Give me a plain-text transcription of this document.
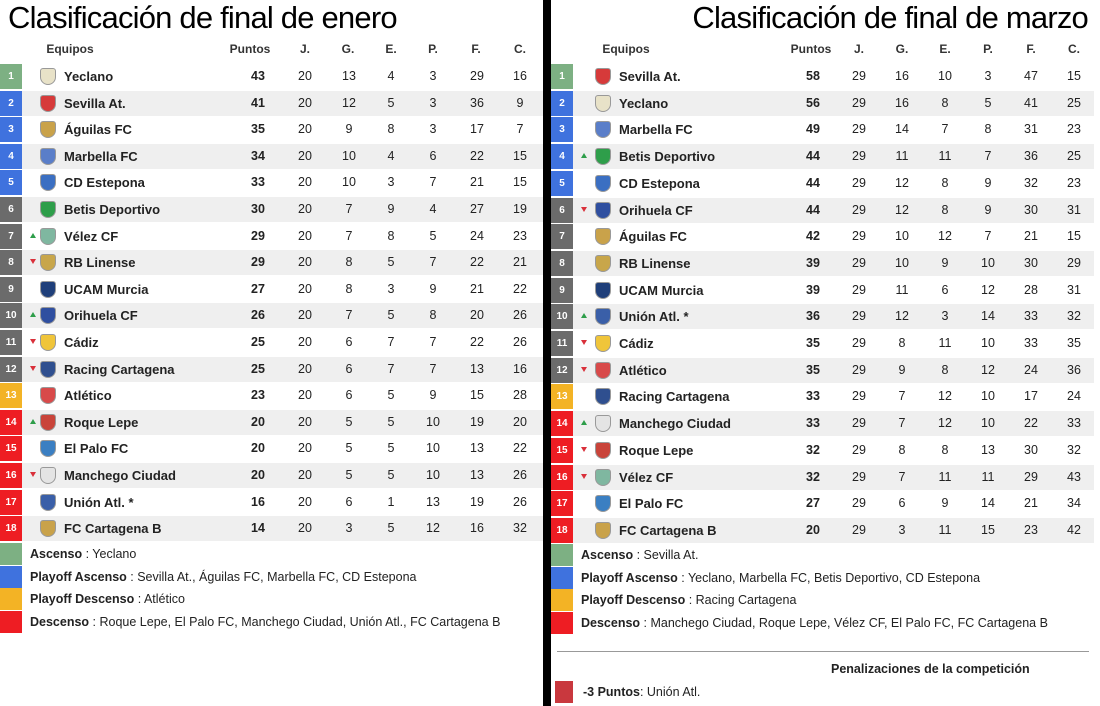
Clasificación de final de enero
Equipos	Puntos	J.	G.	E.	P.	F.	C.
1	Yeclano	43	20	13	4	3	29	16
2	Sevilla At.	41	20	12	5	3	36	9
3	Águilas FC	35	20	9	8	3	17	7
4	Marbella FC	34	20	10	4	6	22	15
5	CD Estepona	33	20	10	3	7	21	15
6	Betis Deportivo	30	20	7	9	4	27	19
7	Vélez CF	29	20	7	8	5	24	23
8	RB Linense	29	20	8	5	7	22	21
9	UCAM Murcia	27	20	8	3	9	21	22
10	Orihuela CF	26	20	7	5	8	20	26
11	Cádiz	25	20	6	7	7	22	26
12	Racing Cartagena	25	20	6	7	7	13	16
13	Atlético	23	20	6	5	9	15	28
14	Roque Lepe	20	20	5	5	10	19	20
15	El Palo FC	20	20	5	5	10	13	22
16	Manchego Ciudad	20	20	5	5	10	13	26
17	Unión Atl. *	16	20	6	1	13	19	26
18	FC Cartagena B	14	20	3	5	12	16	32
Ascenso : Yeclano
Playoff Ascenso : Sevilla At., Águilas FC, Marbella FC, CD Estepona
Playoff Descenso : Atlético
Descenso : Roque Lepe, El Palo FC, Manchego Ciudad, Unión Atl., FC Cartagena B
Clasificación de final de marzo
Equipos	Puntos	J.	G.	E.	P.	F.	C.
1	Sevilla At.	58	29	16	10	3	47	15
2	Yeclano	56	29	16	8	5	41	25
3	Marbella FC	49	29	14	7	8	31	23
4	Betis Deportivo	44	29	11	11	7	36	25
5	CD Estepona	44	29	12	8	9	32	23
6	Orihuela CF	44	29	12	8	9	30	31
7	Águilas FC	42	29	10	12	7	21	15
8	RB Linense	39	29	10	9	10	30	29
9	UCAM Murcia	39	29	11	6	12	28	31
10	Unión Atl. *	36	29	12	3	14	33	32
11	Cádiz	35	29	8	11	10	33	35
12	Atlético	35	29	9	8	12	24	36
13	Racing Cartagena	33	29	7	12	10	17	24
14	Manchego Ciudad	33	29	7	12	10	22	33
15	Roque Lepe	32	29	8	8	13	30	32
16	Vélez CF	32	29	7	11	11	29	43
17	El Palo FC	27	29	6	9	14	21	34
18	FC Cartagena B	20	29	3	11	15	23	42
Ascenso : Sevilla At.
Playoff Ascenso : Yeclano, Marbella FC, Betis Deportivo, CD Estepona
Playoff Descenso : Racing Cartagena
Descenso : Manchego Ciudad, Roque Lepe, Vélez CF, El Palo FC, FC Cartagena B
Penalizaciones de la competición
-3 Puntos: Unión Atl.
